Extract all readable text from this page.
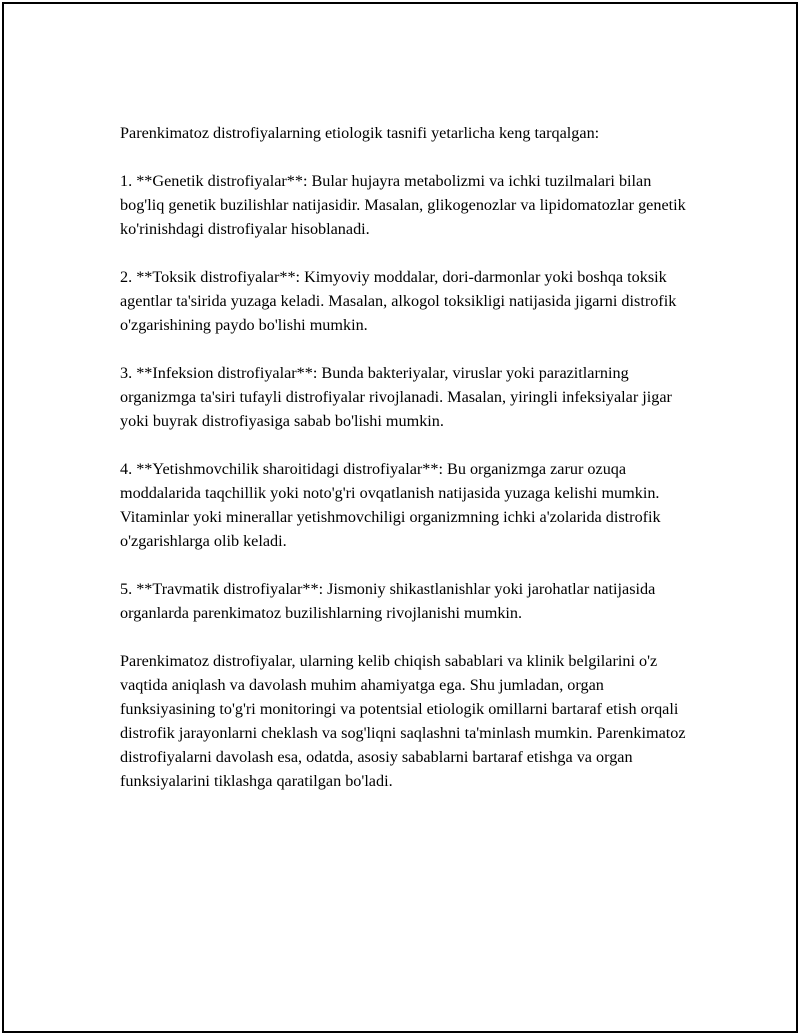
Parenkimatoz distrofiyalarning etiologik tasnifi yetarlicha keng tarqalgan:

1. **Genetik distrofiyalar**: Bular hujayra metabolizmi va ichki tuzilmalari bilan bog'liq genetik buzilishlar natijasidir. Masalan, glikogenozlar va lipidomatozlar genetik ko'rinishdagi distrofiyalar hisoblanadi.

2. **Toksik distrofiyalar**: Kimyoviy moddalar, dori-darmonlar yoki boshqa toksik agentlar ta'sirida yuzaga keladi. Masalan, alkogol toksikligi natijasida jigarni distrofik o'zgarishining paydo bo'lishi mumkin.

3. **Infeksion distrofiyalar**: Bunda bakteriyalar, viruslar yoki parazitlarning organizmga ta'siri tufayli distrofiyalar rivojlanadi. Masalan, yiringli infeksiyalar jigar yoki buyrak distrofiyasiga sabab bo'lishi mumkin.

4. **Yetishmovchilik sharoitidagi distrofiyalar**: Bu organizmga zarur ozuqa moddalarida taqchillik yoki noto'g'ri ovqatlanish natijasida yuzaga kelishi mumkin. Vitaminlar yoki minerallar yetishmovchiligi organizmning ichki a'zolarida distrofik o'zgarishlarga olib keladi.

5. **Travmatik distrofiyalar**: Jismoniy shikastlanishlar yoki jarohatlar natijasida organlarda parenkimatoz buzilishlarning rivojlanishi mumkin.

Parenkimatoz distrofiyalar, ularning kelib chiqish sabablari va klinik belgilarini o'z vaqtida aniqlash va davolash muhim ahamiyatga ega. Shu jumladan, organ funksiyasining to'g'ri monitoringi va potentsial etiologik omillarni bartaraf etish orqali distrofik jarayonlarni cheklash va sog'liqni saqlashni ta'minlash mumkin. Parenkimatoz distrofiyalarni davolash esa, odatda, asosiy sabablarni bartaraf etishga va organ funksiyalarini tiklashga qaratilgan bo'ladi.
